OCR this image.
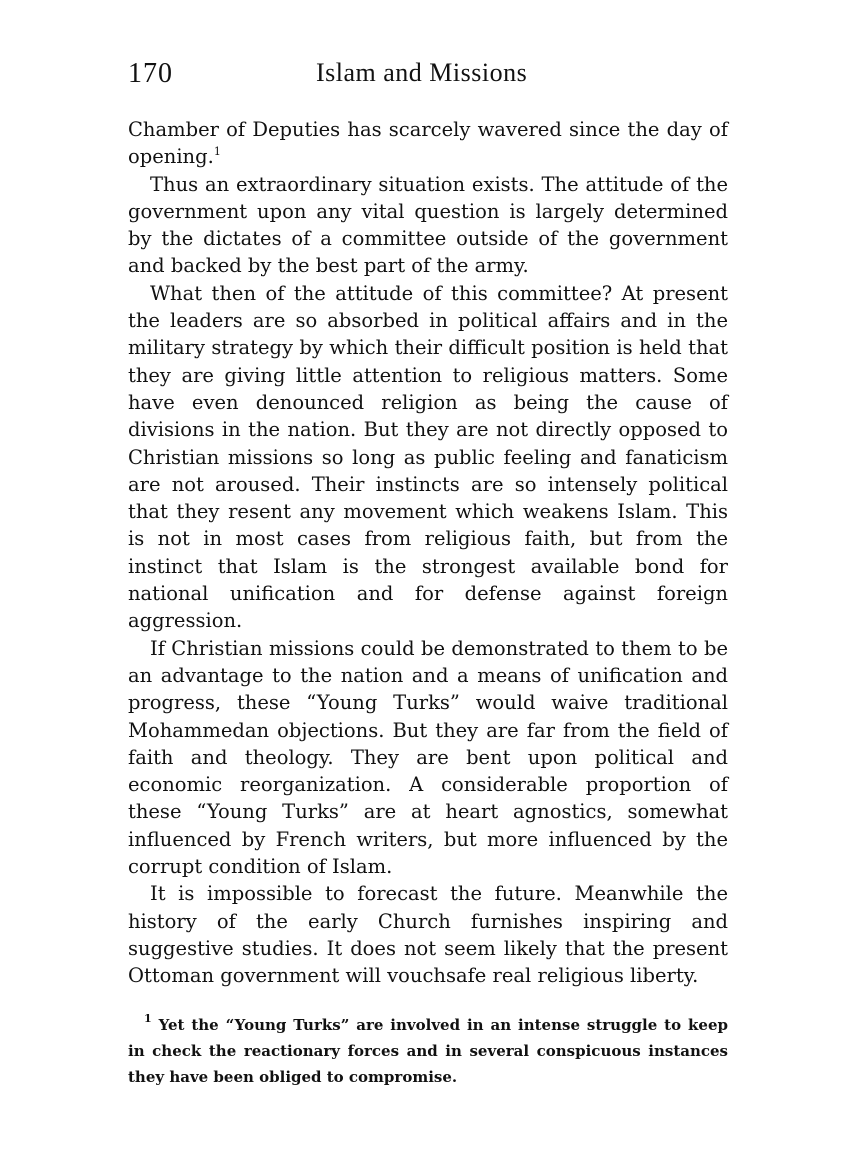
170	Islam and Missions

Chamber of Deputies has scarcely wavered since the day of opening.$^1$

Thus an extraordinary situation exists. The attitude of the government upon any vital question is largely determined by the dictates of a committee outside of the government and backed by the best part of the army.

What then of the attitude of this committee? At present the leaders are so absorbed in political affairs and in the military strategy by which their difficult position is held that they are giving little attention to religious matters. Some have even denounced religion as being the cause of divisions in the nation. But they are not directly opposed to Christian missions so long as public feeling and fanaticism are not aroused. Their instincts are so intensely political that they resent any movement which weakens Islam. This is not in most cases from religious faith, but from the instinct that Islam is the strongest available bond for national unification and for defense against foreign aggression.

If Christian missions could be demonstrated to them to be an advantage to the nation and a means of unification and progress, these “Young Turks” would waive traditional Mohammedan objections. But they are far from the field of faith and theology. They are bent upon political and economic reorganization. A considerable proportion of these “Young Turks” are at heart agnostics, somewhat influenced by French writers, but more influenced by the corrupt condition of Islam.

It is impossible to forecast the future. Meanwhile the history of the early Church furnishes inspiring and suggestive studies. It does not seem likely that the present Ottoman government will vouchsafe real religious liberty.

$^1$ Yet the “Young Turks” are involved in an intense struggle to keep in check the reactionary forces and in several conspicuous instances they have been obliged to compromise.
